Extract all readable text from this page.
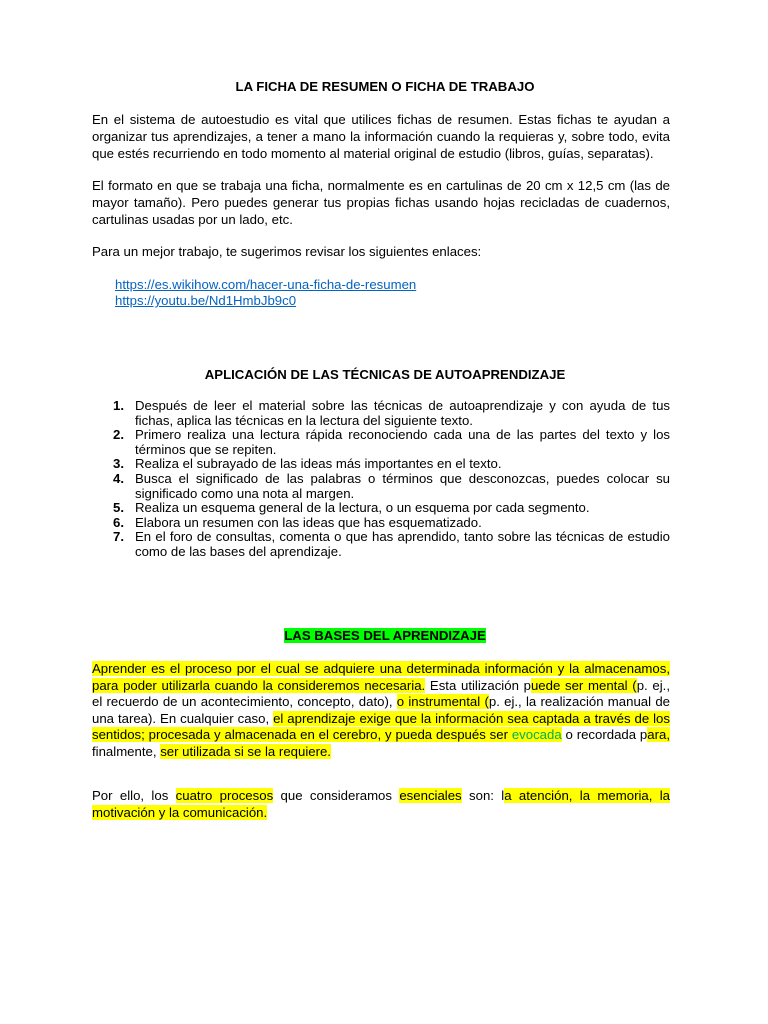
LA FICHA DE RESUMEN O FICHA DE TRABAJO
En el sistema de autoestudio es vital que utilices fichas de resumen. Estas fichas te ayudan a organizar tus aprendizajes, a tener a mano la información cuando la requieras y, sobre todo, evita que estés recurriendo en todo momento al material original de estudio (libros, guías, separatas).
El formato en que se trabaja una ficha, normalmente es en cartulinas de 20 cm x 12,5 cm (las de mayor tamaño). Pero puedes generar tus propias fichas usando hojas recicladas de cuadernos, cartulinas usadas por un lado, etc.
Para un mejor trabajo, te sugerimos revisar los siguientes enlaces:
https://es.wikihow.com/hacer-una-ficha-de-resumen
https://youtu.be/Nd1HmbJb9c0
APLICACIÓN DE LAS TÉCNICAS DE AUTOAPRENDIZAJE
1. Después de leer el material sobre las técnicas de autoaprendizaje y con ayuda de tus fichas, aplica las técnicas en la lectura del siguiente texto.
2. Primero realiza una lectura rápida reconociendo cada una de las partes del texto y los términos que se repiten.
3. Realiza el subrayado de las ideas más importantes en el texto.
4. Busca el significado de las palabras o términos que desconozcas, puedes colocar su significado como una nota al margen.
5. Realiza un esquema general de la lectura, o un esquema por cada segmento.
6. Elabora un resumen con las ideas que has esquematizado.
7. En el foro de consultas, comenta o que has aprendido, tanto sobre las técnicas de estudio como de las bases del aprendizaje.
LAS BASES DEL APRENDIZAJE
Aprender es el proceso por el cual se adquiere una determinada información y la almacenamos,
para poder utilizarla cuando la consideremos necesaria. Esta utilización puede ser mental (p. ej.,
el recuerdo de un acontecimiento, concepto, dato), o instrumental (p. ej., la realización manual de
una tarea). En cualquier caso, el aprendizaje exige que la información sea captada a través de los
sentidos; procesada y almacenada en el cerebro, y pueda después ser evocada o recordada para,
finalmente, ser utilizada si se la requiere.
Por ello, los cuatro procesos que consideramos esenciales son: la atención, la memoria, la
motivación y la comunicación.
